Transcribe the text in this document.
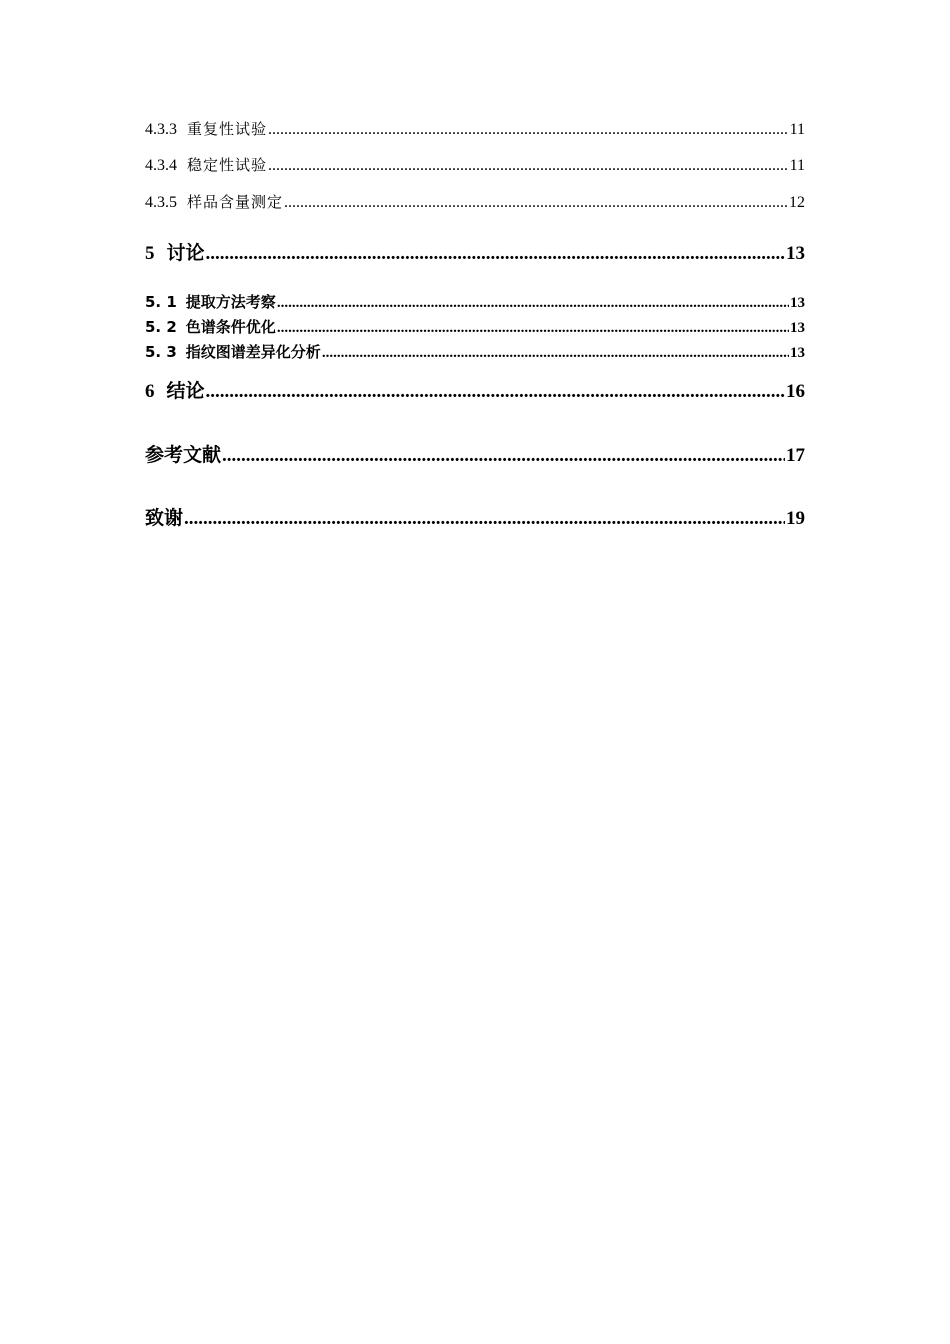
4.3.3 重复性试验 .....	11
4.3.4 稳定性试验 .....	11
4.3.5 样品含量测定 .....	12
5 讨论 .....	13
5. 1 提取方法考察 .....	13
5. 2 色谱条件优化 .....	13
5. 3 指纹图谱差异化分析 .....	13
6 结论 .....	16
参考文献 .....	17
致谢 .....	19
